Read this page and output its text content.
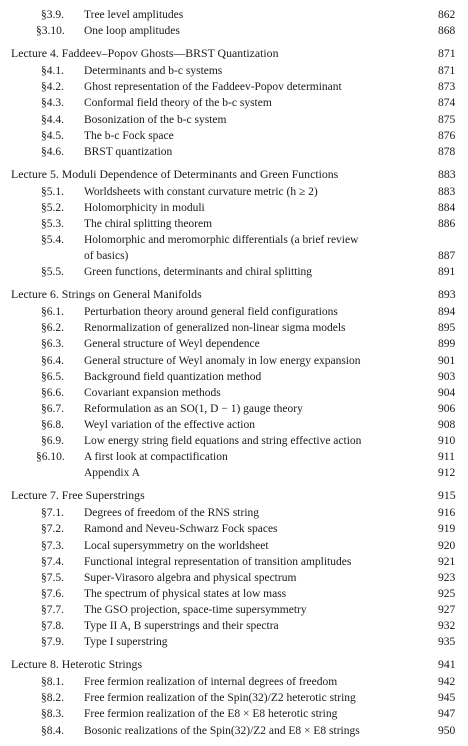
§3.9. Tree level amplitudes	862
§3.10. One loop amplitudes	868
Lecture 4. Faddeev–Popov Ghosts—BRST Quantization	871
§4.1. Determinants and b-c systems	871
§4.2. Ghost representation of the Faddeev-Popov determinant	873
§4.3. Conformal field theory of the b-c system	874
§4.4. Bosonization of the b-c system	875
§4.5. The b-c Fock space	876
§4.6. BRST quantization	878
Lecture 5. Moduli Dependence of Determinants and Green Functions	883
§5.1. Worldsheets with constant curvature metric (h ≥ 2)	883
§5.2. Holomorphicity in moduli	884
§5.3. The chiral splitting theorem	886
§5.4. Holomorphic and meromorphic differentials (a brief review
of basics)	887
§5.5. Green functions, determinants and chiral splitting	891
Lecture 6. Strings on General Manifolds	893
§6.1. Perturbation theory around general field configurations	894
§6.2. Renormalization of generalized non-linear sigma models	895
§6.3. General structure of Weyl dependence	899
§6.4. General structure of Weyl anomaly in low energy expansion	901
§6.5. Background field quantization method	903
§6.6. Covariant expansion methods	904
§6.7. Reformulation as an SO(1, D − 1) gauge theory	906
§6.8. Weyl variation of the effective action	908
§6.9. Low energy string field equations and string effective action	910
§6.10. A first look at compactification	911
Appendix A	912
Lecture 7. Free Superstrings	915
§7.1. Degrees of freedom of the RNS string	916
§7.2. Ramond and Neveu-Schwarz Fock spaces	919
§7.3. Local supersymmetry on the worldsheet	920
§7.4. Functional integral representation of transition amplitudes	921
§7.5. Super-Virasoro algebra and physical spectrum	923
§7.6. The spectrum of physical states at low mass	925
§7.7. The GSO projection, space-time supersymmetry	927
§7.8. Type II A, B superstrings and their spectra	932
§7.9. Type I superstring	935
Lecture 8. Heterotic Strings	941
§8.1. Free fermion realization of internal degrees of freedom	942
§8.2. Free fermion realization of the Spin(32)/Z2 heterotic string	945
§8.3. Free fermion realization of the E8 × E8 heterotic string	947
§8.4. Bosonic realizations of the Spin(32)/Z2 and E8 × E8 strings	950
